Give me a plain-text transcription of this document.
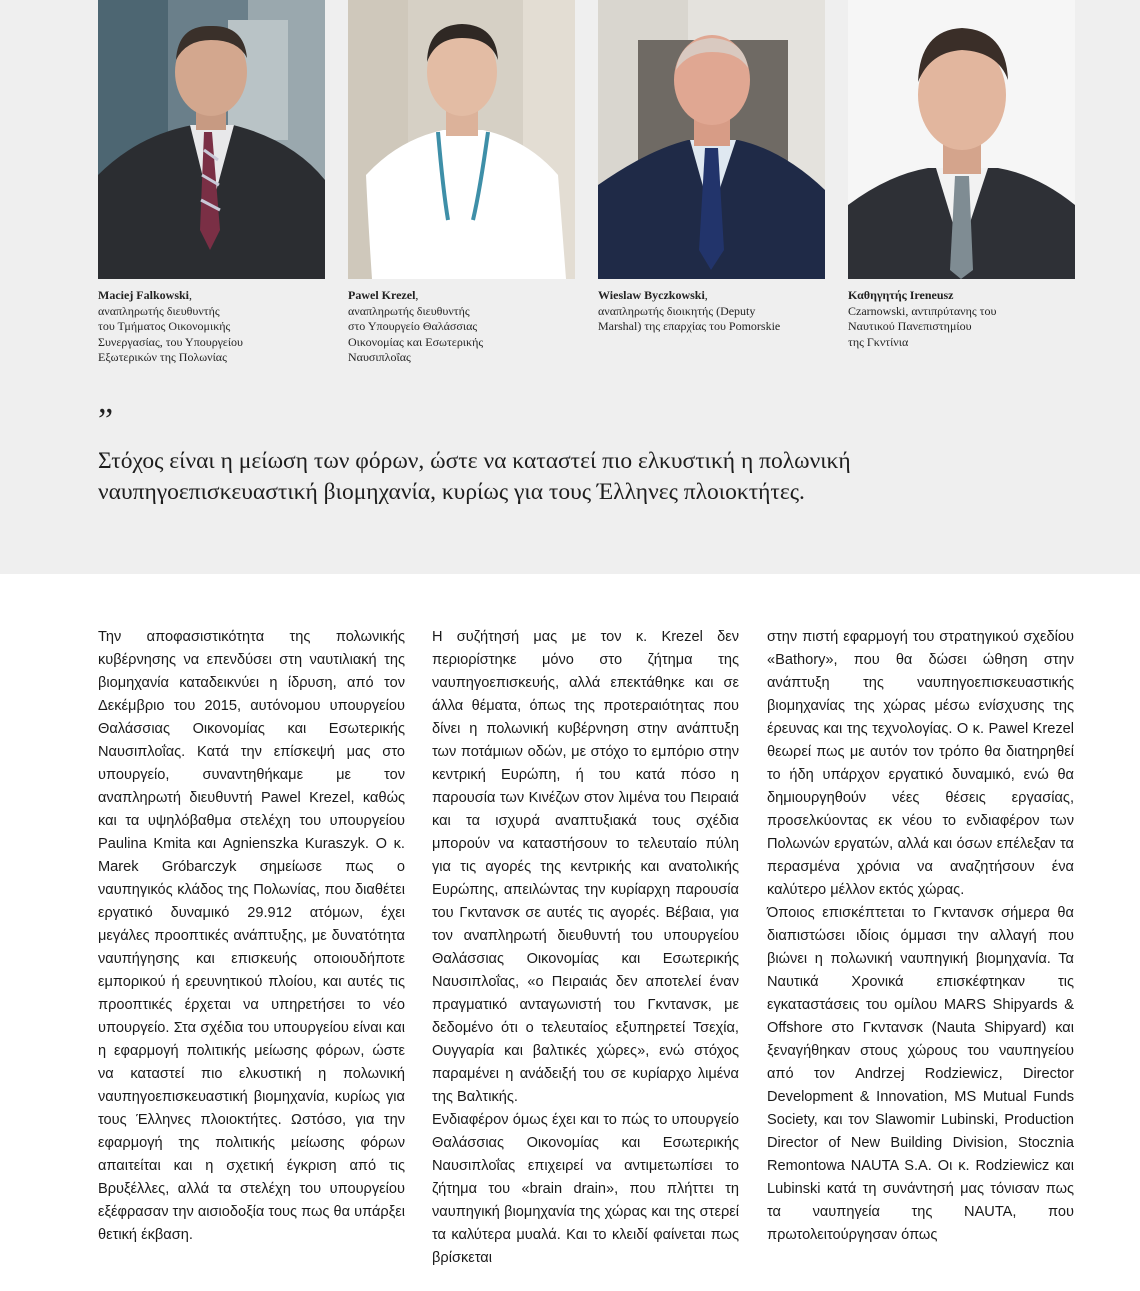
Maciej Falkowski,
αναπληρωτής διευθυντής
του Τμήματος Οικονομικής
Συνεργασίας, του Υπουργείου
Εξωτερικών της Πολωνίας
Pawel Krezel,
αναπληρωτής διευθυντής
στο Υπουργείο Θαλάσσιας
Οικονομίας και Εσωτερικής
Ναυσιπλοΐας
Wieslaw Byczkowski,
αναπληρωτής διοικητής (Deputy
Marshal) της επαρχίας του Pomorskie
Καθηγητής Ireneusz
Czarnowski, αντιπρύτανης του
Ναυτικού Πανεπιστημίου
της Γκντίνια
”
Στόχος είναι η μείωση των φόρων, ώστε να καταστεί πιο ελκυστική η πολωνική
ναυπηγοεπισκευαστική βιομηχανία, κυρίως για τους Έλληνες πλοιοκτήτες.

Την αποφασιστικότητα της πολωνικής κυβέρνησης να επενδύσει στη ναυτιλιακή της βιομηχανία καταδεικνύει η ίδρυση, από τον Δεκέμβριο του 2015, αυτόνομου υπουργείου Θαλάσσιας Οικονομίας και Εσωτερικής Ναυσιπλοΐας. Κατά την επίσκεψή μας στο υπουργείο, συναντηθήκαμε με τον αναπληρωτή διευθυντή Pawel Krezel, καθώς και τα υψηλόβαθμα στελέχη του υπουργείου Paulina Kmita και Agnienszka Kuraszyk. Ο κ. Marek Gróbarczyk σημείωσε πως ο ναυπηγικός κλάδος της Πολωνίας, που διαθέτει εργατικό δυναμικό 29.912 ατόμων, έχει μεγάλες προοπτικές ανάπτυξης, με δυνατότητα ναυπήγησης και επισκευής οποιουδήποτε εμπορικού ή ερευνητικού πλοίου, και αυτές τις προοπτικές έρχεται να υπηρετήσει το νέο υπουργείο. Στα σχέδια του υπουργείου είναι και η εφαρμογή πολιτικής μείωσης φόρων, ώστε να καταστεί πιο ελκυστική η πολωνική ναυπηγοεπισκευαστική βιομηχανία, κυρίως για τους Έλληνες πλοιοκτήτες. Ωστόσο, για την εφαρμογή της πολιτικής μείωσης φόρων απαιτείται και η σχετική έγκριση από τις Βρυξέλλες, αλλά τα στελέχη του υπουργείου εξέφρασαν την αισιοδοξία τους πως θα υπάρξει θετική έκβαση.

Η συζήτησή μας με τον κ. Krezel δεν περιορίστηκε μόνο στο ζήτημα της ναυπηγοεπισκευής, αλλά επεκτάθηκε και σε άλλα θέματα, όπως της προτεραιότητας που δίνει η πολωνική κυβέρνηση στην ανάπτυξη των ποτάμιων οδών, με στόχο το εμπόριο στην κεντρική Ευρώπη, ή του κατά πόσο η παρουσία των Κινέζων στον λιμένα του Πειραιά και τα ισχυρά αναπτυξιακά τους σχέδια μπορούν να καταστήσουν το τελευταίο πύλη για τις αγορές της κεντρικής και ανατολικής Ευρώπης, απειλώντας την κυρίαρχη παρουσία του Γκντανσκ σε αυτές τις αγορές. Βέβαια, για τον αναπληρωτή διευθυντή του υπουργείου Θαλάσσιας Οικονομίας και Εσωτερικής Ναυσιπλοΐας, «ο Πειραιάς δεν αποτελεί έναν πραγματικό ανταγωνιστή του Γκντανσκ, με δεδομένο ότι ο τελευταίος εξυπηρετεί Τσεχία, Ουγγαρία και βαλτικές χώρες», ενώ στόχος παραμένει η ανάδειξή του σε κυρίαρχο λιμένα της Βαλτικής.

Ενδιαφέρον όμως έχει και το πώς το υπουργείο Θαλάσσιας Οικονομίας και Εσωτερικής Ναυσιπλοΐας επιχειρεί να αντιμετωπίσει το ζήτημα του «brain drain», που πλήττει τη ναυπηγική βιομηχανία της χώρας και της στερεί τα καλύτερα μυαλά. Και το κλειδί φαίνεται πως βρίσκεται

στην πιστή εφαρμογή του στρατηγικού σχεδίου «Bathory», που θα δώσει ώθηση στην ανάπτυξη της ναυπηγοεπισκευαστικής βιομηχανίας της χώρας μέσω ενίσχυσης της έρευνας και της τεχνολογίας. Ο κ. Pawel Krezel θεωρεί πως με αυτόν τον τρόπο θα διατηρηθεί το ήδη υπάρχον εργατικό δυναμικό, ενώ θα δημιουργηθούν νέες θέσεις εργασίας, προσελκύοντας εκ νέου το ενδιαφέρον των Πολωνών εργατών, αλλά και όσων επέλεξαν τα περασμένα χρόνια να αναζητήσουν ένα καλύτερο μέλλον εκτός χώρας.

Όποιος επισκέπτεται το Γκντανσκ σήμερα θα διαπιστώσει ιδίοις όμμασι την αλλαγή που βιώνει η πολωνική ναυπηγική βιομηχανία. Τα Ναυτικά Χρονικά επισκέφτηκαν τις εγκαταστάσεις του ομίλου MARS Shipyards & Offshore στο Γκντανσκ (Nauta Shipyard) και ξεναγήθηκαν στους χώρους του ναυπηγείου από τον Andrzej Rodziewicz, Director Development & Innovation, MS Mutual Funds Society, και τον Slawomir Lubinski, Production Director of New Building Division, Stocznia Remontowa NAUTA S.A. Οι κ. Rodziewicz και Lubinski κατά τη συνάντησή μας τόνισαν πως τα ναυπηγεία της NAUTA, που πρωτολειτούργησαν όπως
